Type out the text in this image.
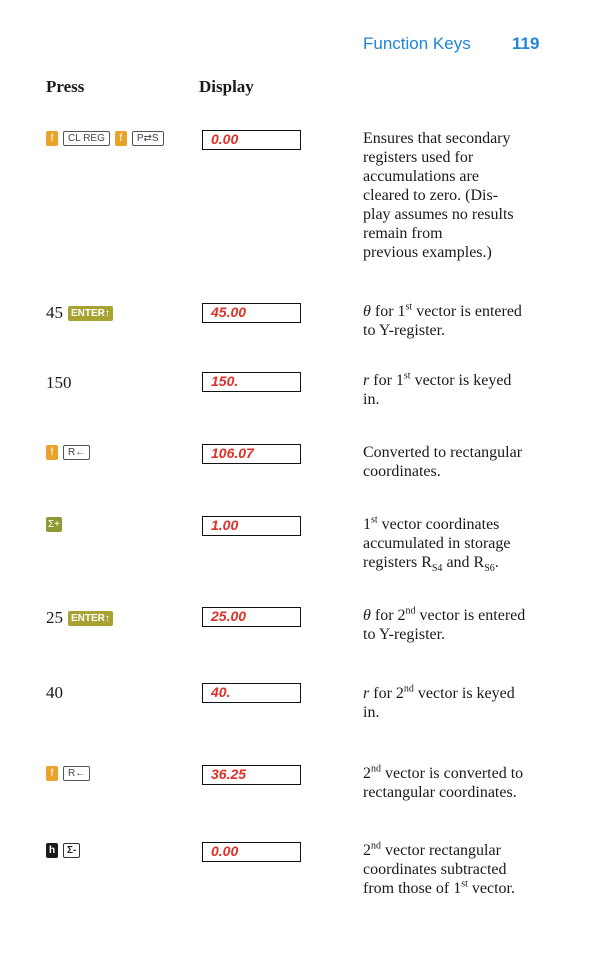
Function Keys 119
Press	Display
f	CL REG	f	P⇄S	0.00	Ensures that secondary
registers used for
accumulations are
cleared to zero. (Dis-
play assumes no results
remain from
previous examples.)
45 ENTER↑	45.00	θ for 1st vector is entered
to Y-register.
150	150.	r for 1st vector is keyed
in.
f	R←	106.07	Converted to rectangular
coordinates.
Σ+	1.00	1st vector coordinates
accumulated in storage
registers $R_{S4}$ and $R_{S6}$.
25 ENTER↑	25.00	θ for 2nd vector is entered
to Y-register.
40	40.	r for 2nd vector is keyed
in.
f	R←	36.25	2nd vector is converted to
rectangular coordinates.
h	Σ-	0.00	2nd vector rectangular
coordinates subtracted
from those of 1st vector.
